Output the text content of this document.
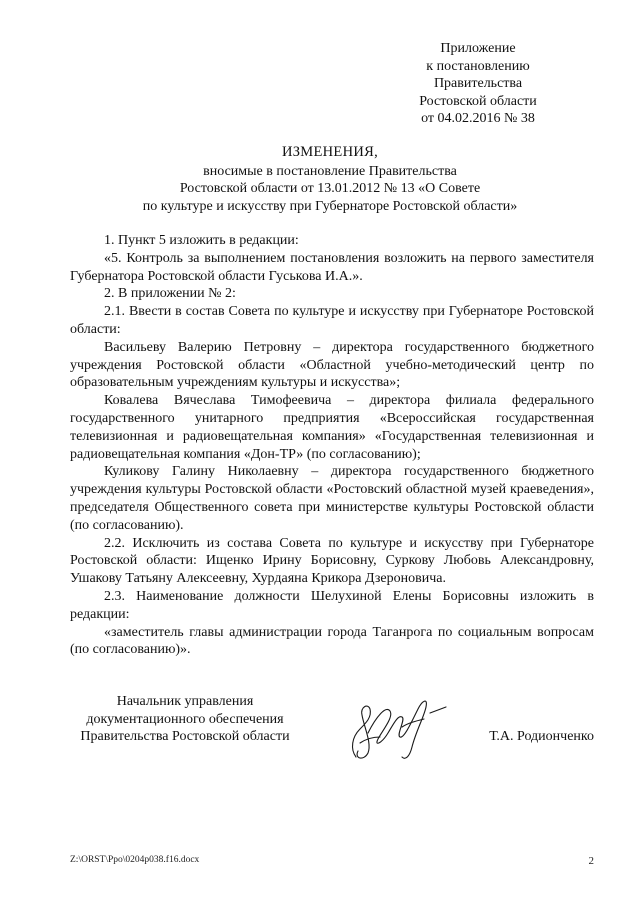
Приложение
к постановлению
Правительства
Ростовской области
от 04.02.2016 № 38
ИЗМЕНЕНИЯ,
вносимые в постановление Правительства
Ростовской области от 13.01.2012 № 13 «О Совете
по культуре и искусству при Губернаторе Ростовской области»

1. Пункт 5 изложить в редакции:

«5. Контроль за выполнением постановления возложить на первого заместителя Губернатора Ростовской области Гуськова И.А.».

2. В приложении № 2:

2.1. Ввести в состав Совета по культуре и искусству при Губернаторе Ростовской области:

Васильеву Валерию Петровну – директора государственного бюджетного учреждения Ростовской области «Областной учебно-методический центр по образовательным учреждениям культуры и искусства»;

Ковалева Вячеслава Тимофеевича – директора филиала федерального государственного унитарного предприятия «Всероссийская государственная телевизионная и радиовещательная компания» «Государственная телевизионная и радиовещательная компания «Дон-ТР» (по согласованию);

Куликову Галину Николаевну – директора государственного бюджетного учреждения культуры Ростовской области «Ростовский областной музей краеведения», председателя Общественного совета при министерстве культуры Ростовской области (по согласованию).

2.2. Исключить из состава Совета по культуре и искусству при Губернаторе Ростовской области: Ищенко Ирину Борисовну, Суркову Любовь Александровну, Ушакову Татьяну Алексеевну, Хурдаяна Крикора Дзероновича.

2.3. Наименование должности Шелухиной Елены Борисовны изложить в редакции:

«заместитель главы администрации города Таганрога по социальным вопросам (по согласованию)».

Начальник управления
документационного обеспечения
Правительства Ростовской области	Т.А. Родионченко
Z:\ORST\Ppo\0204p038.f16.docx	2
